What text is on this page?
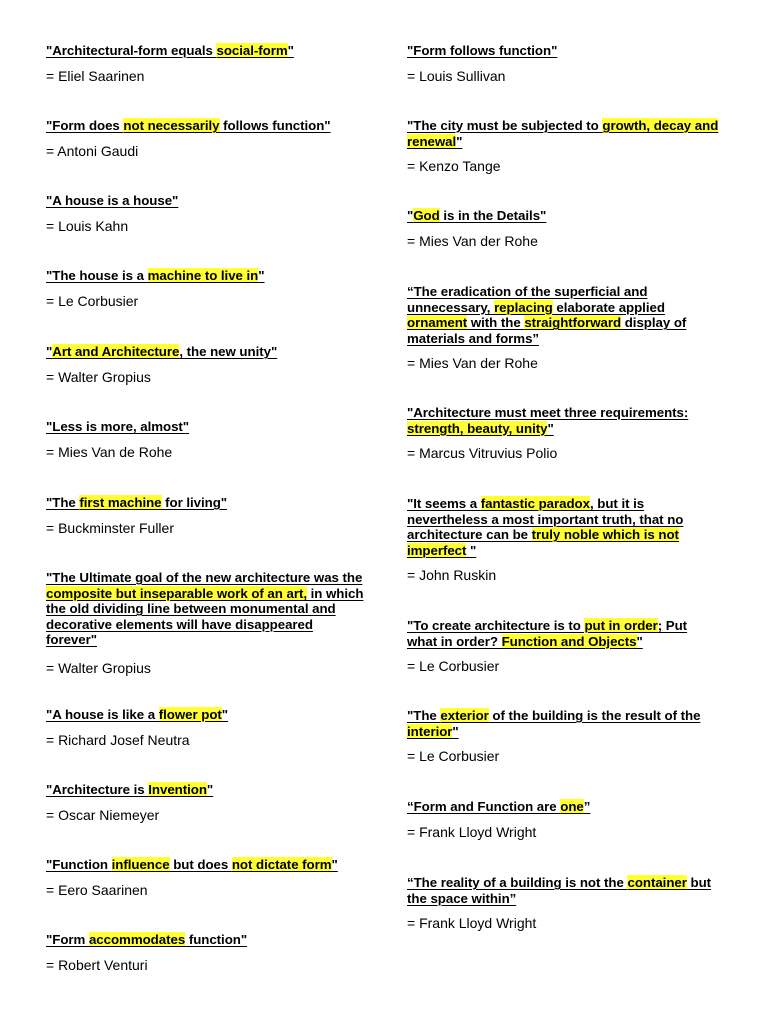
"Architectural-form equals social-form"
= Eliel Saarinen
"Form does not necessarily follows function"
= Antoni Gaudi
"A house is a house"
= Louis Kahn
"The house is a machine to live in"
= Le Corbusier
"Art and Architecture, the new unity"
= Walter Gropius
"Less is more, almost"
= Mies Van de Rohe
"The first machine for living"
= Buckminster Fuller
"The Ultimate goal of the new architecture was the composite but inseparable work of an art, in which the old dividing line between monumental and decorative elements will have disappeared forever"
= Walter Gropius
"A house is like a flower pot"
= Richard Josef Neutra
"Architecture is Invention"
= Oscar Niemeyer
"Function influence but does not dictate form"
= Eero Saarinen
"Form accommodates function"
= Robert Venturi
"Form follows function"
= Louis Sullivan
"The city must be subjected to growth, decay and renewal"
= Kenzo Tange
"God is in the Details"
= Mies Van der Rohe
“The eradication of the superficial and unnecessary, replacing elaborate applied ornament with the straightforward display of materials and forms”
= Mies Van der Rohe
"Architecture must meet three requirements: strength, beauty, unity"
= Marcus Vitruvius Polio
"It seems a fantastic paradox, but it is nevertheless a most important truth, that no architecture can be truly noble which is not imperfect "
= John Ruskin
"To create architecture is to put in order; Put what in order? Function and Objects"
= Le Corbusier
"The exterior of the building is the result of the interior"
= Le Corbusier
“Form and Function are one”
= Frank Lloyd Wright
“The reality of a building is not the container but the space within”
= Frank Lloyd Wright
